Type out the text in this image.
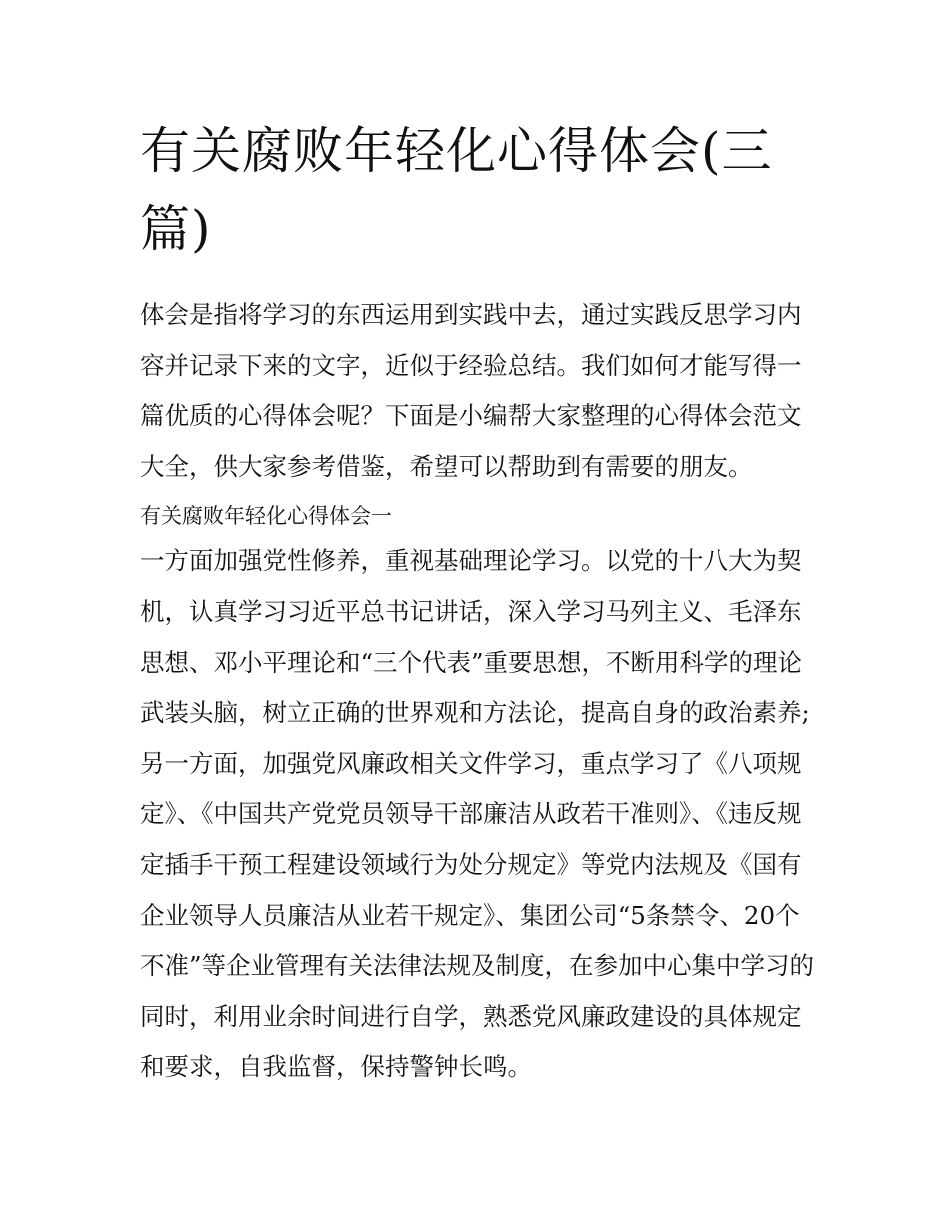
有关腐败年轻化心得体会(三篇)

体会是指将学习的东西运用到实践中去，通过实践反思学习内容并记录下来的文字，近似于经验总结。我们如何才能写得一篇优质的心得体会呢？下面是小编帮大家整理的心得体会范文大全，供大家参考借鉴，希望可以帮助到有需要的朋友。

有关腐败年轻化心得体会一

一方面加强党性修养，重视基础理论学习。以党的十八大为契机，认真学习习近平总书记讲话，深入学习马列主义、毛泽东思想、邓小平理论和“三个代表”重要思想，不断用科学的理论武装头脑，树立正确的世界观和方法论，提高自身的政治素养;另一方面，加强党风廉政相关文件学习，重点学习了《八项规定》、《中国共产党党员领导干部廉洁从政若干准则》、《违反规定插手干预工程建设领域行为处分规定》等党内法规及《国有企业领导人员廉洁从业若干规定》、集团公司“5条禁令、20个不准”等企业管理有关法律法规及制度，在参加中心集中学习的同时，利用业余时间进行自学，熟悉党风廉政建设的具体规定和要求，自我监督，保持警钟长鸣。
